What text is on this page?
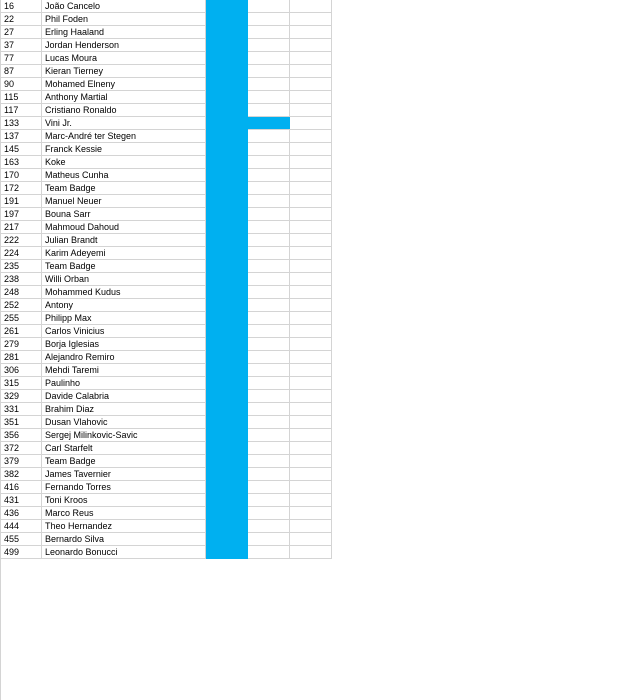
16	João Cancelo			
22	Phil Foden			
27	Erling Haaland			
37	Jordan Henderson			
77	Lucas Moura			
87	Kieran Tierney			
90	Mohamed Elneny			
115	Anthony Martial			
117	Cristiano Ronaldo			
133	Vini Jr.			
137	Marc-André ter Stegen			
145	Franck Kessie			
163	Koke			
170	Matheus Cunha			
172	Team Badge			
191	Manuel Neuer			
197	Bouna Sarr			
217	Mahmoud Dahoud			
222	Julian Brandt			
224	Karim Adeyemi			
235	Team Badge			
238	Willi Orban			
248	Mohammed Kudus			
252	Antony			
255	Philipp Max			
261	Carlos Vinicius			
279	Borja Iglesias			
281	Alejandro Remiro			
306	Mehdi Taremi			
315	Paulinho			
329	Davide Calabria			
331	Brahim Diaz			
351	Dusan Vlahovic			
356	Sergej Milinkovic-Savic			
372	Carl Starfelt			
379	Team Badge			
382	James Tavernier			
416	Fernando Torres			
431	Toni Kroos			
436	Marco Reus			
444	Theo Hernandez			
455	Bernardo Silva			
499	Leonardo Bonucci			
